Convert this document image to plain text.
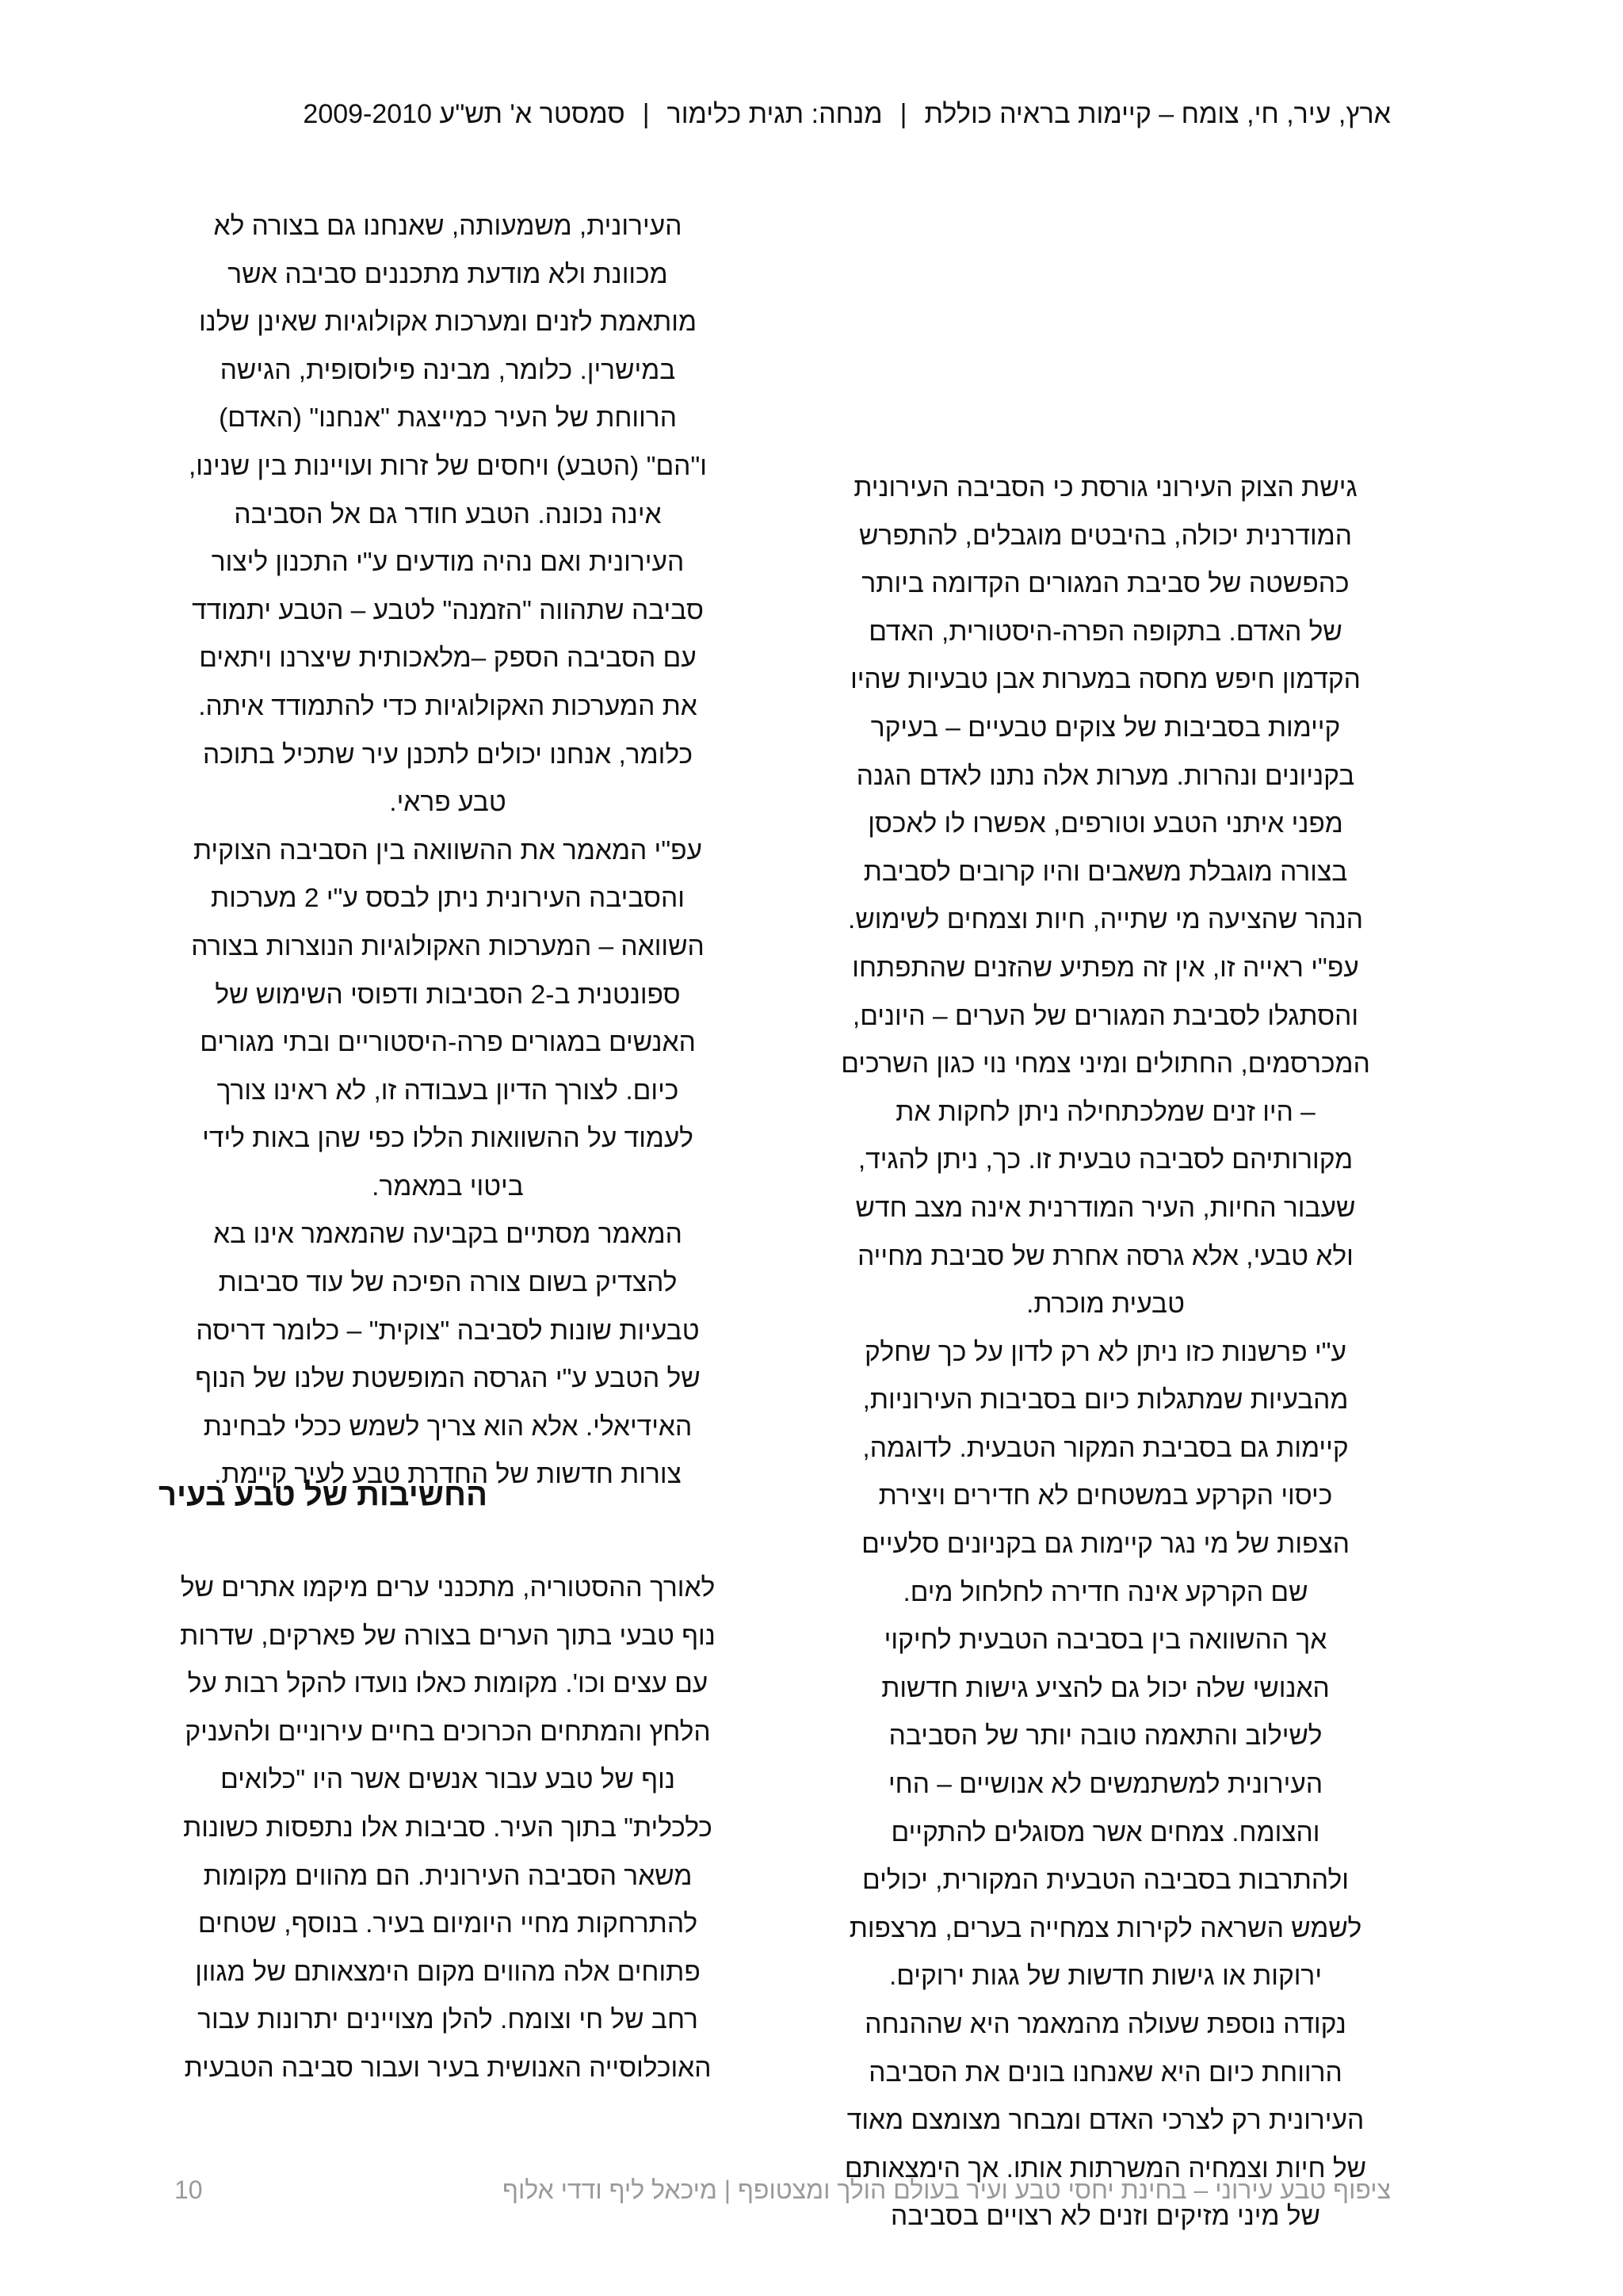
ארץ, עיר, חי, צומח – קיימות בראיה כוללת|מנחה: תגית כלימור|סמסטר א' תש"ע 2009-2010
גישת הצוק העירוני גורסת כי הסביבה העירונית
המודרנית יכולה, בהיבטים מוגבלים, להתפרש
כהפשטה של סביבת המגורים הקדומה ביותר
של האדם. בתקופה הפרה-היסטורית, האדם
הקדמון חיפש מחסה במערות אבן טבעיות שהיו
קיימות בסביבות של צוקים טבעיים – בעיקר
בקניונים ונהרות. מערות אלה נתנו לאדם הגנה
מפני איתני הטבע וטורפים, אפשרו לו לאכסן
בצורה מוגבלת משאבים והיו קרובים לסביבת
הנהר שהציעה מי שתייה, חיות וצמחים לשימוש.
עפ"י ראייה זו, אין זה מפתיע שהזנים שהתפתחו
והסתגלו לסביבת המגורים של הערים – היונים,
המכרסמים, החתולים ומיני צמחי נוי כגון השרכים
– היו זנים שמלכתחילה ניתן לחקות את
מקורותיהם לסביבה טבעית זו. כך, ניתן להגיד,
שעבור החיות, העיר המודרנית אינה מצב חדש
ולא טבעי, אלא גרסה אחרת של סביבת מחייה
טבעית מוכרת.
ע"י פרשנות כזו ניתן לא רק לדון על כך שחלק
מהבעיות שמתגלות כיום בסביבות העירוניות,
קיימות גם בסביבת המקור הטבעית. לדוגמה,
כיסוי הקרקע במשטחים לא חדירים ויצירת
הצפות של מי נגר קיימות גם בקניונים סלעיים
שם הקרקע אינה חדירה לחלחול מים.
אך ההשוואה בין בסביבה הטבעית לחיקוי
האנושי שלה יכול גם להציע גישות חדשות
לשילוב והתאמה טובה יותר של הסביבה
העירונית למשתמשים לא אנושיים – החי
והצומח. צמחים אשר מסוגלים להתקיים
ולהתרבות בסביבה הטבעית המקורית, יכולים
לשמש השראה לקירות צמחייה בערים, מרצפות
ירוקות או גישות חדשות של גגות ירוקים.
נקודה נוספת שעולה מהמאמר היא שההנחה
הרווחת כיום היא שאנחנו בונים את הסביבה
העירונית רק לצרכי האדם ומבחר מצומצם מאוד
של חיות וצמחיה המשרתות אותו. אך הימצאותם
של מיני מזיקים וזנים לא רצויים בסביבה
העירונית, משמעותה, שאנחנו גם בצורה לא
מכוונת ולא מודעת מתכננים סביבה אשר
מותאמת לזנים ומערכות אקולוגיות שאינן שלנו
במישרין. כלומר, מבינה פילוסופית, הגישה
הרווחת של העיר כמייצגת "אנחנו" (האדם)
ו"הם" (הטבע) ויחסים של זרות ועויינות בין שנינו,
אינה נכונה. הטבע חודר גם אל הסביבה
העירונית ואם נהיה מודעים ע"י התכנון ליצור
סביבה שתהווה "הזמנה" לטבע – הטבע יתמודד
עם הסביבה הספק –מלאכותית שיצרנו ויתאים
את המערכות האקולוגיות כדי להתמודד איתה.
כלומר, אנחנו יכולים לתכנן עיר שתכיל בתוכה
טבע פראי.
עפ"י המאמר את ההשוואה בין הסביבה הצוקית
והסביבה העירונית ניתן לבסס ע"י 2 מערכות
השוואה – המערכות האקולוגיות הנוצרות בצורה
ספונטנית ב-2 הסביבות ודפוסי השימוש של
האנשים במגורים פרה-היסטוריים ובתי מגורים
כיום. לצורך הדיון בעבודה זו, לא ראינו צורך
לעמוד על ההשוואות הללו כפי שהן באות לידי
ביטוי במאמר.
המאמר מסתיים בקביעה שהמאמר אינו בא
להצדיק בשום צורה הפיכה של עוד סביבות
טבעיות שונות לסביבה "צוקית" – כלומר דריסה
של הטבע ע"י הגרסה המופשטת שלנו של הנוף
האידיאלי. אלא הוא צריך לשמש ככלי לבחינת
צורות חדשות של החדרת טבע לעיר קיימת.
החשיבות של טבע בעיר
לאורך ההסטוריה, מתכנני ערים מיקמו אתרים של
נוף טבעי בתוך הערים בצורה של פארקים, שדרות
עם עצים וכו'. מקומות כאלו נועדו להקל רבות על
הלחץ והמתחים הכרוכים בחיים עירוניים ולהעניק
נוף של טבע עבור אנשים אשר היו "כלואים
כלכלית" בתוך העיר. סביבות אלו נתפסות כשונות
משאר הסביבה העירונית. הם מהווים מקומות
להתרחקות מחיי היומיום בעיר. בנוסף, שטחים
פתוחים אלה מהווים מקום הימצאותם של מגוון
רחב של חי וצומח. להלן מצויינים יתרונות עבור
האוכלוסייה האנושית בעיר ועבור סביבה הטבעית
ציפוף טבע עירוני – בחינת יחסי טבע ועיר בעולם הולך ומצטופף | מיכאל ליף ודדי אלוף
10
